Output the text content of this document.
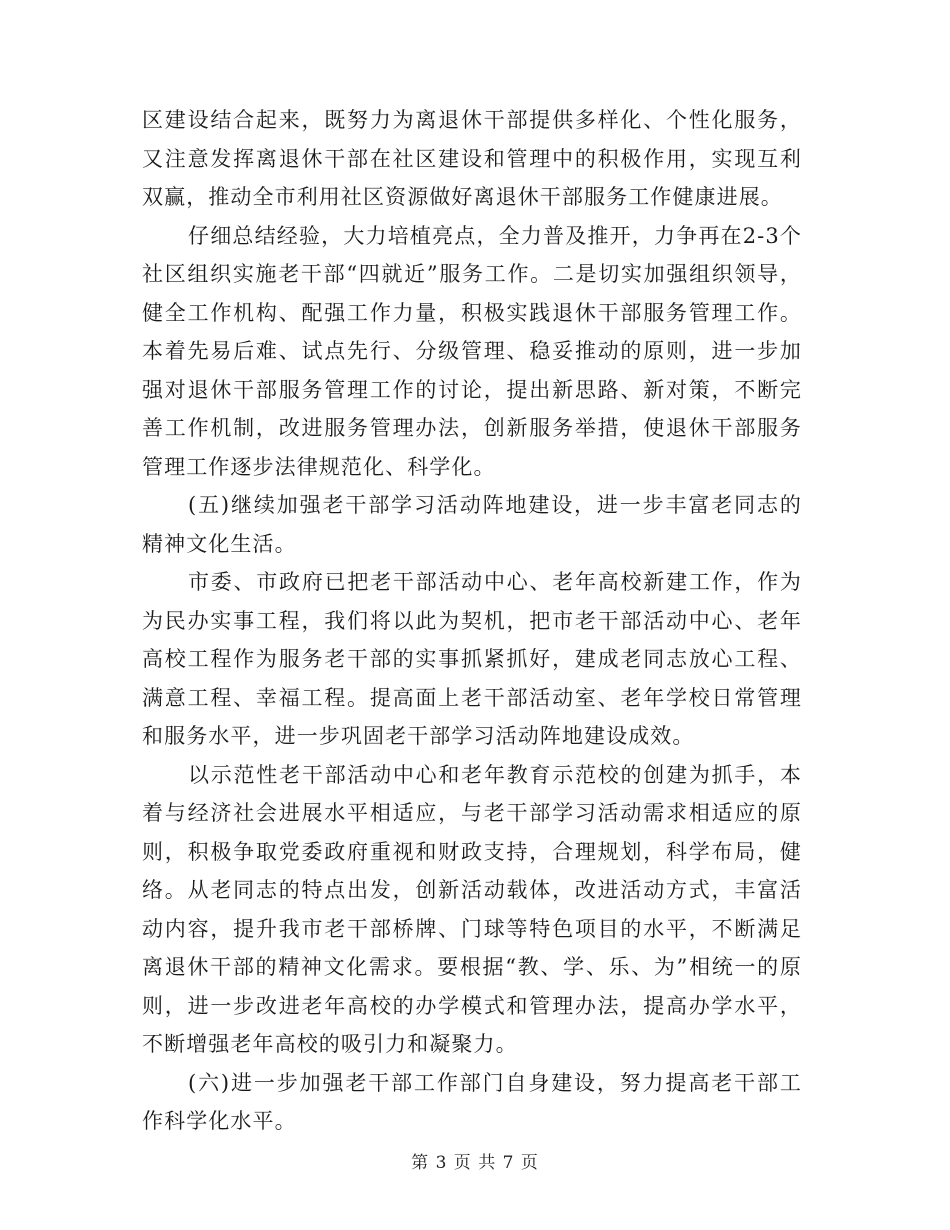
区建设结合起来，既努力为离退休干部提供多样化、个性化服务，又注意发挥离退休干部在社区建设和管理中的积极作用，实现互利双赢，推动全市利用社区资源做好离退休干部服务工作健康进展。

仔细总结经验，大力培植亮点，全力普及推开，力争再在2-3个社区组织实施老干部“四就近”服务工作。二是切实加强组织领导，健全工作机构、配强工作力量，积极实践退休干部服务管理工作。本着先易后难、试点先行、分级管理、稳妥推动的原则，进一步加强对退休干部服务管理工作的讨论，提出新思路、新对策，不断完善工作机制，改进服务管理办法，创新服务举措，使退休干部服务管理工作逐步法律规范化、科学化。

(五)继续加强老干部学习活动阵地建设，进一步丰富老同志的精神文化生活。

市委、市政府已把老干部活动中心、老年高校新建工作，作为为民办实事工程，我们将以此为契机，把市老干部活动中心、老年高校工程作为服务老干部的实事抓紧抓好，建成老同志放心工程、满意工程、幸福工程。提高面上老干部活动室、老年学校日常管理和服务水平，进一步巩固老干部学习活动阵地建设成效。

以示范性老干部活动中心和老年教育示范校的创建为抓手，本着与经济社会进展水平相适应，与老干部学习活动需求相适应的原则，积极争取党委政府重视和财政支持，合理规划，科学布局，健络。从老同志的特点出发，创新活动载体，改进活动方式，丰富活动内容，提升我市老干部桥牌、门球等特色项目的水平，不断满足离退休干部的精神文化需求。要根据“教、学、乐、为”相统一的原则，进一步改进老年高校的办学模式和管理办法，提高办学水平，不断增强老年高校的吸引力和凝聚力。

(六)进一步加强老干部工作部门自身建设，努力提高老干部工作科学化水平。

第 3 页 共 7 页
